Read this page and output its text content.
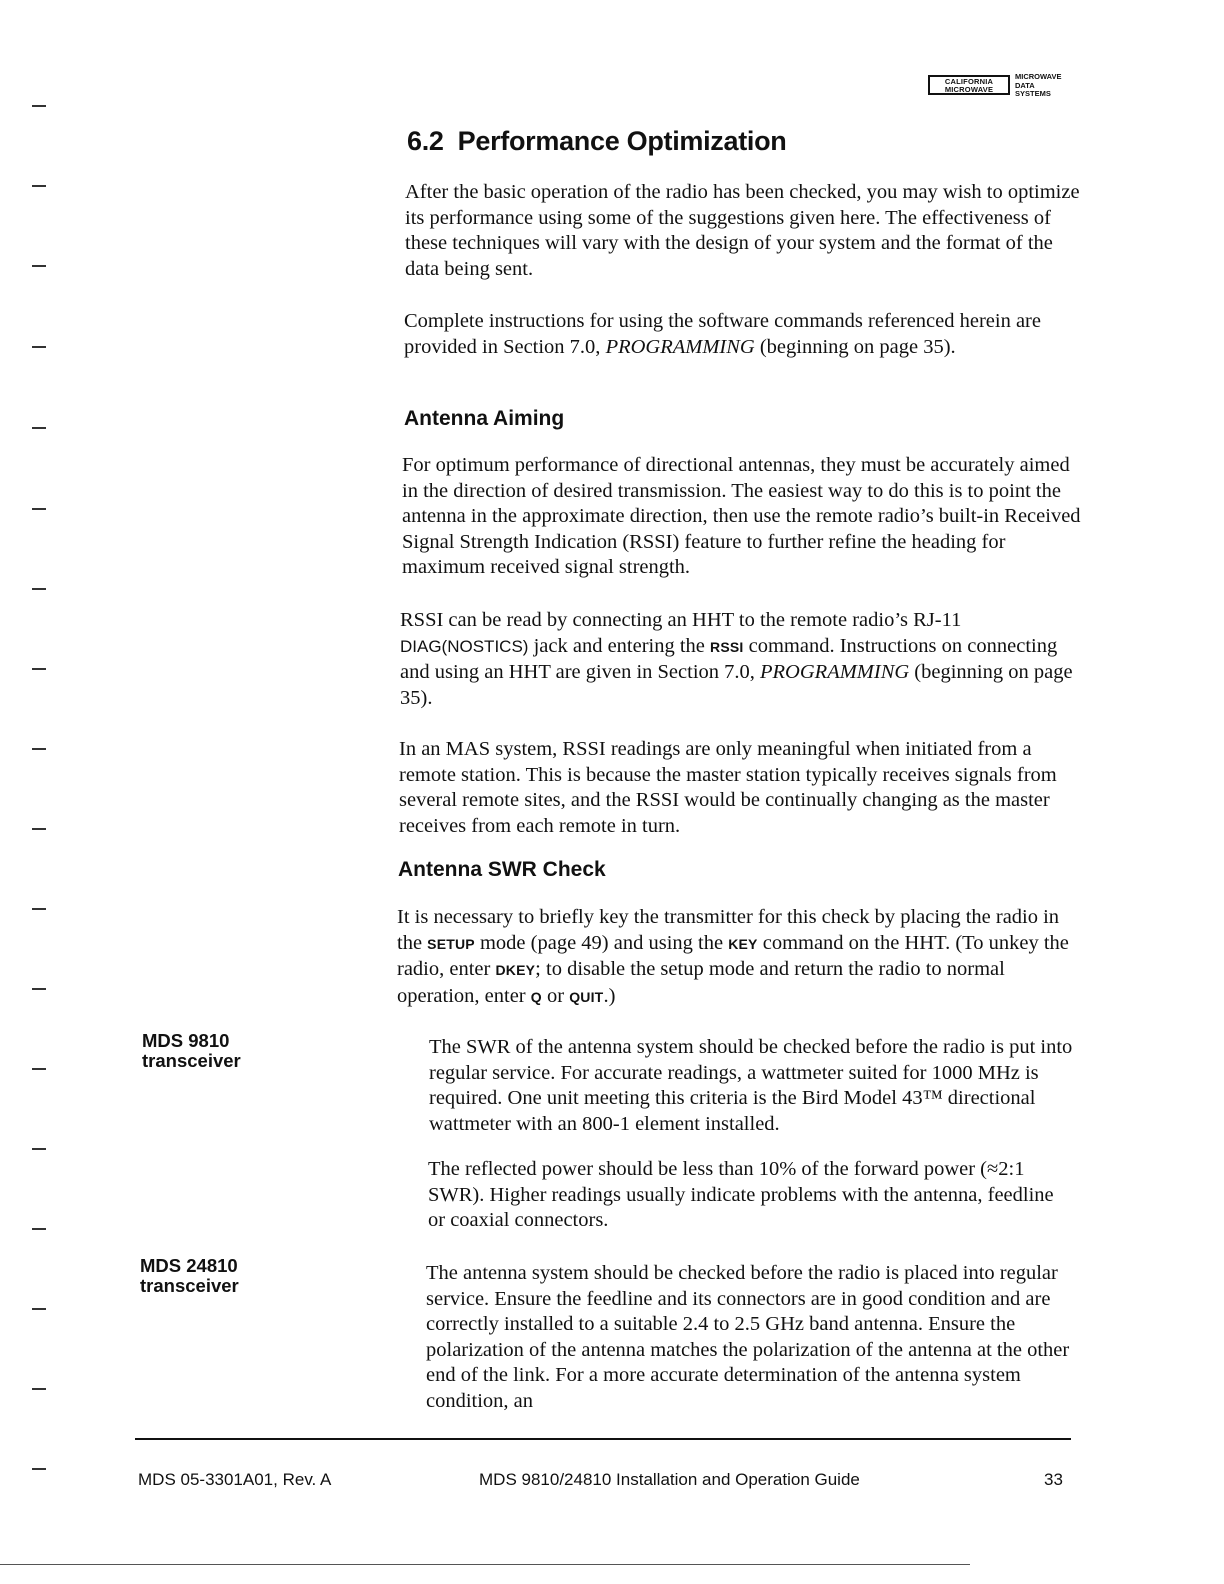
CALIFORNIA
MICROWAVE
MICROWAVE
DATA
SYSTEMS
6.2 Performance Optimization

After the basic operation of the radio has been checked, you may wish to optimize its performance using some of the suggestions given here. The effectiveness of these techniques will vary with the design of your system and the format of the data being sent.

Complete instructions for using the software commands referenced herein are provided in Section 7.0, PROGRAMMING (beginning on page 35).

Antenna Aiming

For optimum performance of directional antennas, they must be accurately aimed in the direction of desired transmission. The easiest way to do this is to point the antenna in the approximate direction, then use the remote radio’s built-in Received Signal Strength Indication (RSSI) feature to further refine the heading for maximum received signal strength.

RSSI can be read by connecting an HHT to the remote radio’s RJ-11 DIAG(NOSTICS) jack and entering the RSSI command. Instructions on connecting and using an HHT are given in Section 7.0, PROGRAMMING (beginning on page 35).

In an MAS system, RSSI readings are only meaningful when initiated from a remote station. This is because the master station typically receives signals from several remote sites, and the RSSI would be continually changing as the master receives from each remote in turn.

Antenna SWR Check

It is necessary to briefly key the transmitter for this check by placing the radio in the SETUP mode (page 49) and using the KEY command on the HHT. (To unkey the radio, enter DKEY; to disable the setup mode and return the radio to normal operation, enter Q or QUIT.)

MDS 9810
transceiver

The SWR of the antenna system should be checked before the radio is put into regular service. For accurate readings, a wattmeter suited for 1000 MHz is required. One unit meeting this criteria is the Bird Model 43™ directional wattmeter with an 800-1 element installed.

The reflected power should be less than 10% of the forward power (≈2:1 SWR). Higher readings usually indicate problems with the antenna, feedline or coaxial connectors.

MDS 24810
transceiver

The antenna system should be checked before the radio is placed into regular service. Ensure the feedline and its connectors are in good condition and are correctly installed to a suitable 2.4 to 2.5 GHz band antenna. Ensure the polarization of the antenna matches the polarization of the antenna at the other end of the link. For a more accurate determination of the antenna system condition, an

MDS 05-3301A01, Rev. A	MDS 9810/24810 Installation and Operation Guide	33
